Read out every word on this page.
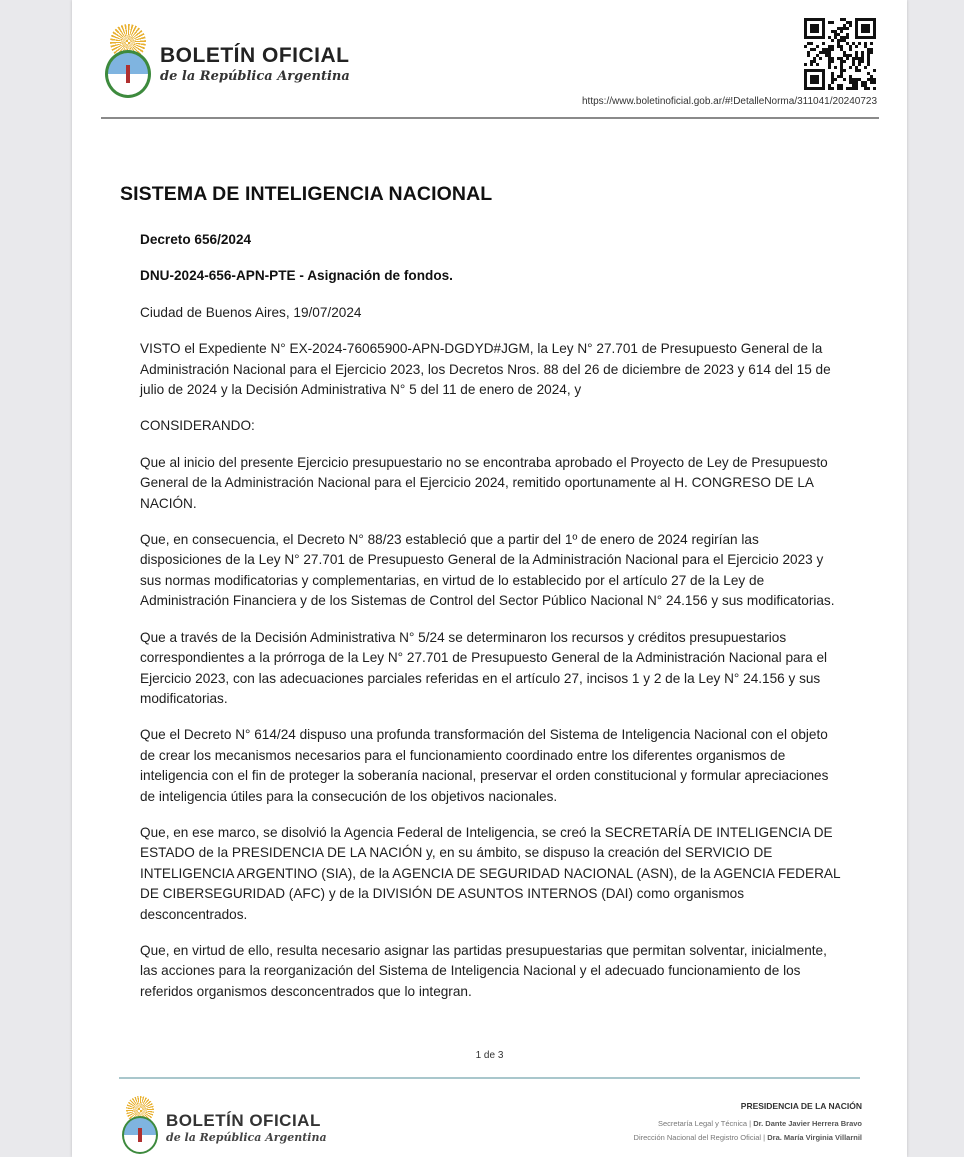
BOLETÍN OFICIAL
de la República Argentina
https://www.boletinoficial.gob.ar/#!DetalleNorma/311041/20240723
SISTEMA DE INTELIGENCIA NACIONAL

Decreto 656/2024

DNU-2024-656-APN-PTE - Asignación de fondos.

Ciudad de Buenos Aires, 19/07/2024

VISTO el Expediente N° EX-2024-76065900-APN-DGDYD#JGM, la Ley N° 27.701 de Presupuesto General de la Administración Nacional para el Ejercicio 2023, los Decretos Nros. 88 del 26 de diciembre de 2023 y 614 del 15 de julio de 2024 y la Decisión Administrativa N° 5 del 11 de enero de 2024, y

CONSIDERANDO:

Que al inicio del presente Ejercicio presupuestario no se encontraba aprobado el Proyecto de Ley de Presupuesto General de la Administración Nacional para el Ejercicio 2024, remitido oportunamente al H. CONGRESO DE LA NACIÓN.

Que, en consecuencia, el Decreto N° 88/23 estableció que a partir del 1º de enero de 2024 regirían las disposiciones de la Ley N° 27.701 de Presupuesto General de la Administración Nacional para el Ejercicio 2023 y sus normas modificatorias y complementarias, en virtud de lo establecido por el artículo 27 de la Ley de Administración Financiera y de los Sistemas de Control del Sector Público Nacional N° 24.156 y sus modificatorias.

Que a través de la Decisión Administrativa N° 5/24 se determinaron los recursos y créditos presupuestarios correspondientes a la prórroga de la Ley N° 27.701 de Presupuesto General de la Administración Nacional para el Ejercicio 2023, con las adecuaciones parciales referidas en el artículo 27, incisos 1 y 2 de la Ley N° 24.156 y sus modificatorias.

Que el Decreto N° 614/24 dispuso una profunda transformación del Sistema de Inteligencia Nacional con el objeto de crear los mecanismos necesarios para el funcionamiento coordinado entre los diferentes organismos de inteligencia con el fin de proteger la soberanía nacional, preservar el orden constitucional y formular apreciaciones de inteligencia útiles para la consecución de los objetivos nacionales.

Que, en ese marco, se disolvió la Agencia Federal de Inteligencia, se creó la SECRETARÍA DE INTELIGENCIA DE ESTADO de la PRESIDENCIA DE LA NACIÓN y, en su ámbito, se dispuso la creación del SERVICIO DE INTELIGENCIA ARGENTINO (SIA), de la AGENCIA DE SEGURIDAD NACIONAL (ASN), de la AGENCIA FEDERAL DE CIBERSEGURIDAD (AFC) y de la DIVISIÓN DE ASUNTOS INTERNOS (DAI) como organismos desconcentrados.

Que, en virtud de ello, resulta necesario asignar las partidas presupuestarias que permitan solventar, inicialmente, las acciones para la reorganización del Sistema de Inteligencia Nacional y el adecuado funcionamiento de los referidos organismos desconcentrados que lo integran.

1 de 3
BOLETÍN OFICIAL
de la República Argentina
PRESIDENCIA DE LA NACIÓN
Secretaría Legal y Técnica | Dr. Dante Javier Herrera Bravo
Dirección Nacional del Registro Oficial | Dra. María Virginia Villarnil
